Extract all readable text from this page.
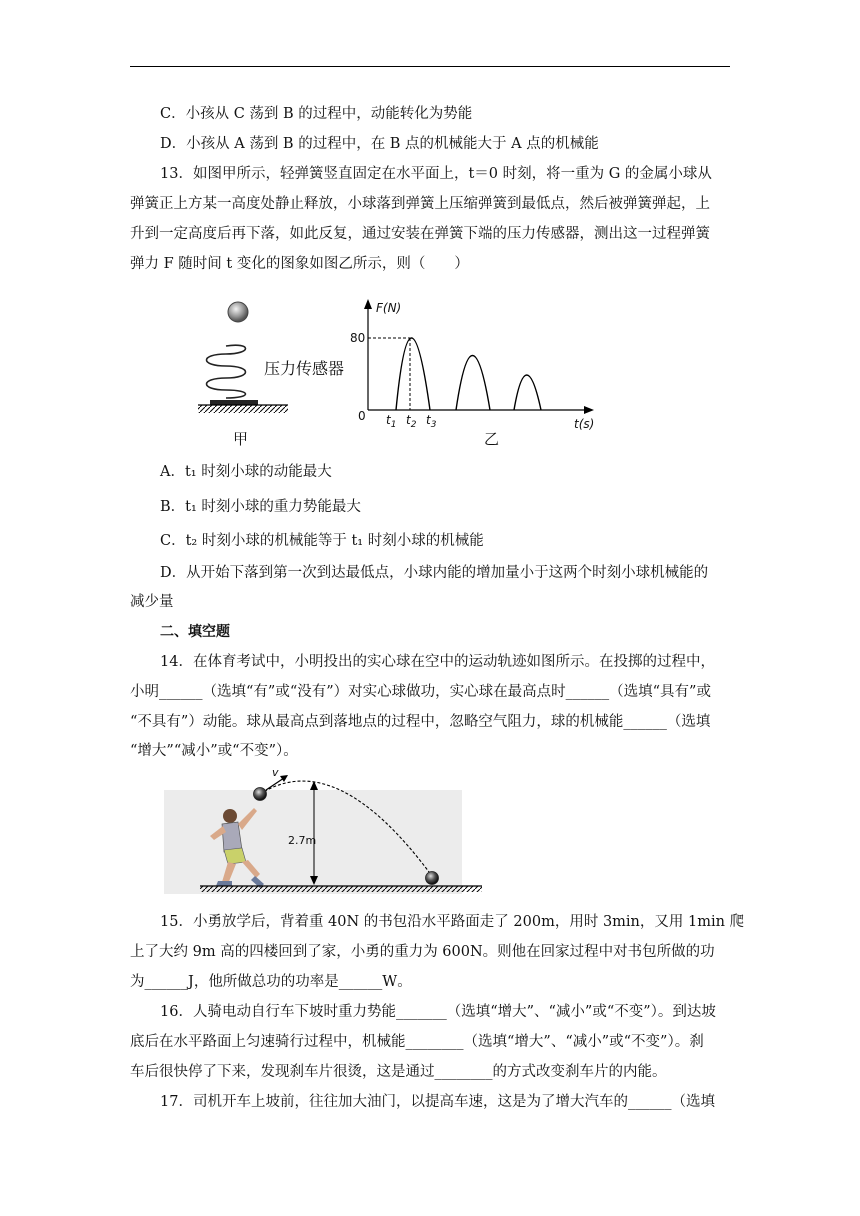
C．小孩从 C 荡到 B 的过程中，动能转化为势能
D．小孩从 A 荡到 B 的过程中，在 B 点的机械能大于 A 点的机械能
13．如图甲所示，轻弹簧竖直固定在水平面上，t＝0 时刻，将一重为 G 的金属小球从
弹簧正上方某一高度处静止释放，小球落到弹簧上压缩弹簧到最低点，然后被弹簧弹起，上
升到一定高度后再下落，如此反复，通过安装在弹簧下端的压力传感器，测出这一过程弹簧
弹力 F 随时间 t 变化的图象如图乙所示，则（　　）
压力传感器
甲
F(N)
t(s)
0
80
$t_1$ $t_2$ $t_3$
乙
A．t₁ 时刻小球的动能最大
B．t₁ 时刻小球的重力势能最大
C．t₂ 时刻小球的机械能等于 t₁ 时刻小球的机械能
D．从开始下落到第一次到达最低点，小球内能的增加量小于这两个时刻小球机械能的
减少量
二、填空题
14．在体育考试中，小明投出的实心球在空中的运动轨迹如图所示。在投掷的过程中，
小明______（选填“有”或“没有”）对实心球做功，实心球在最高点时______（选填“具有”或
“不具有”）动能。球从最高点到落地点的过程中，忽略空气阻力，球的机械能______（选填
“增大”“减小”或“不变”）。
2.7m
v
15．小勇放学后，背着重 40N 的书包沿水平路面走了 200m，用时 3min，又用 1min 爬
上了大约 9m 高的四楼回到了家，小勇的重力为 600N。则他在回家过程中对书包所做的功
为______J，他所做总功的功率是______W。
16．人骑电动自行车下坡时重力势能_______（选填“增大”、“减小”或“不变”）。到达坡
底后在水平路面上匀速骑行过程中，机械能________（选填“增大”、“减小”或“不变”）。刹
车后很快停了下来，发现刹车片很烫，这是通过________的方式改变刹车片的内能。
17．司机开车上坡前，往往加大油门，以提高车速，这是为了增大汽车的______（选填
